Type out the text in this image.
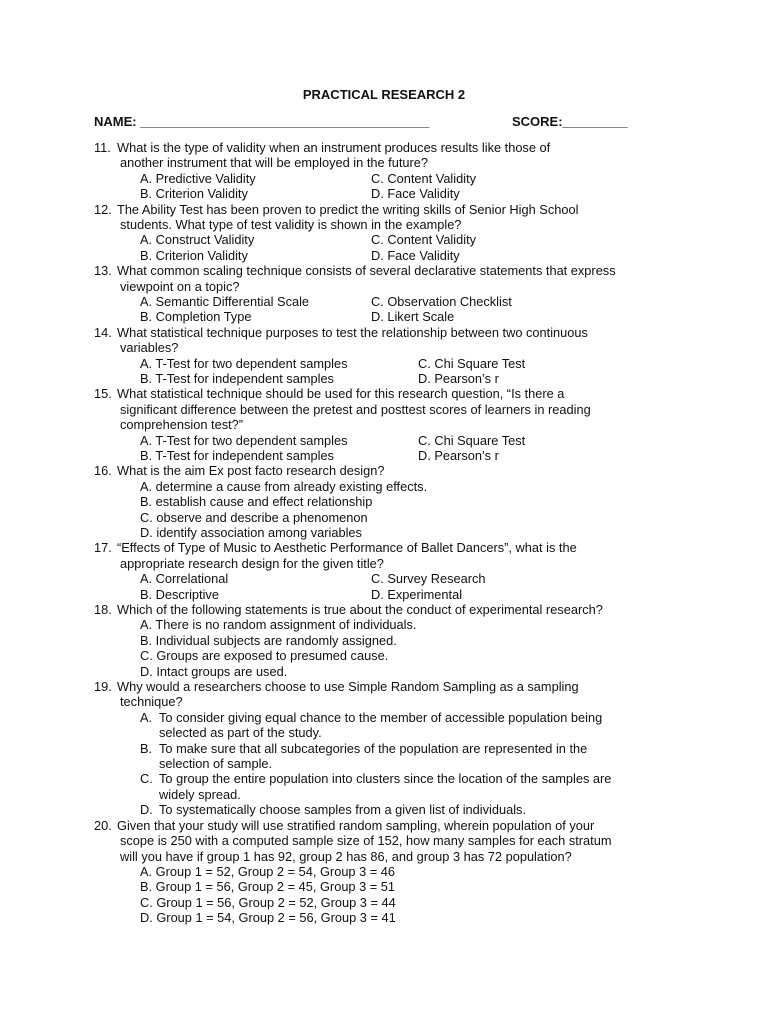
PRACTICAL RESEARCH 2
NAME: ________________________________________	SCORE:_________
11. What is the type of validity when an instrument produces results like those of
another instrument that will be employed in the future?
A. Predictive Validity	C. Content Validity
B. Criterion Validity	D. Face Validity
12. The Ability Test has been proven to predict the writing skills of Senior High School
students. What type of test validity is shown in the example?
A. Construct Validity	C. Content Validity
B. Criterion Validity	D. Face Validity
13. What common scaling technique consists of several declarative statements that express
viewpoint on a topic?
A. Semantic Differential Scale	C. Observation Checklist
B. Completion Type	D. Likert Scale
14. What statistical technique purposes to test the relationship between two continuous
variables?
A. T-Test for two dependent samples	C. Chi Square Test
B. T-Test for independent samples	D. Pearson’s r
15. What statistical technique should be used for this research question, “Is there a
significant difference between the pretest and posttest scores of learners in reading
comprehension test?”
A. T-Test for two dependent samples	C. Chi Square Test
B. T-Test for independent samples	D. Pearson’s r
16. What is the aim Ex post facto research design?
A. determine a cause from already existing effects.
B. establish cause and effect relationship
C. observe and describe a phenomenon
D. identify association among variables
17. “Effects of Type of Music to Aesthetic Performance of Ballet Dancers”, what is the
appropriate research design for the given title?
A. Correlational	C. Survey Research
B. Descriptive	D. Experimental
18. Which of the following statements is true about the conduct of experimental research?
A. There is no random assignment of individuals.
B. Individual subjects are randomly assigned.
C. Groups are exposed to presumed cause.
D. Intact groups are used.
19. Why would a researchers choose to use Simple Random Sampling as a sampling
technique?
A. To consider giving equal chance to the member of accessible population being
selected as part of the study.
B. To make sure that all subcategories of the population are represented in the
selection of sample.
C. To group the entire population into clusters since the location of the samples are
widely spread.
D. To systematically choose samples from a given list of individuals.
20. Given that your study will use stratified random sampling, wherein population of your
scope is 250 with a computed sample size of 152, how many samples for each stratum
will you have if group 1 has 92, group 2 has 86, and group 3 has 72 population?
A. Group 1 = 52, Group 2 = 54, Group 3 = 46
B. Group 1 = 56, Group 2 = 45, Group 3 = 51
C. Group 1 = 56, Group 2 = 52, Group 3 = 44
D. Group 1 = 54, Group 2 = 56, Group 3 = 41
